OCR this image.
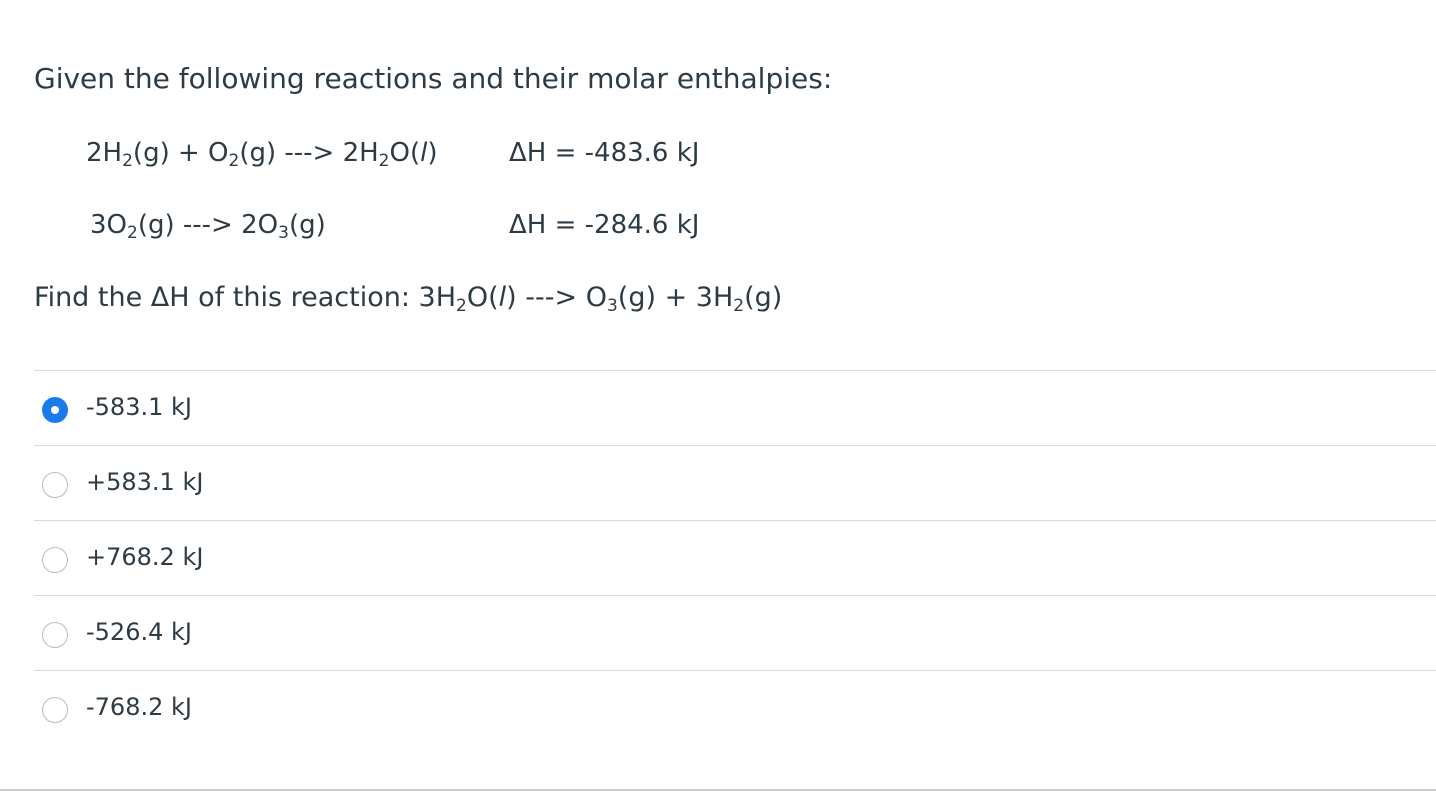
Given the following reactions and their molar enthalpies:
$2H_2(g) + O_2(g)$ ---> $2H_2O(l)$	ΔH = -483.6 kJ
$3O_2(g)$ ---> $2O_3(g)$	ΔH = -284.6 kJ
Find the ΔH of this reaction: $3H_2O(l)$ ---> $O_3(g) + 3H_2(g)$
-583.1 kJ
+583.1 kJ
+768.2 kJ
-526.4 kJ
-768.2 kJ
